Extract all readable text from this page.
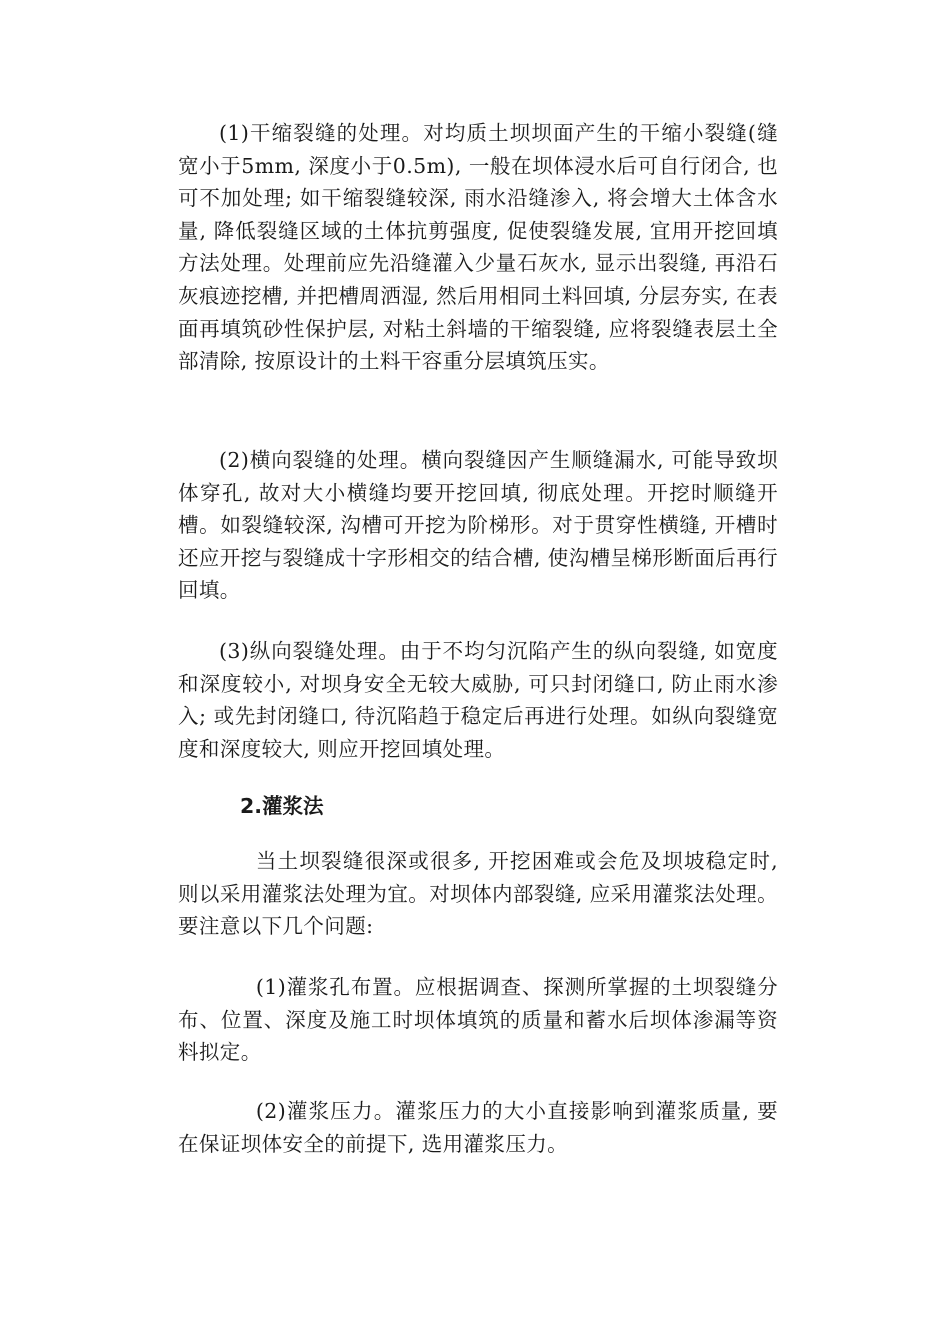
(1)干缩裂缝的处理。对均质土坝坝面产生的干缩小裂缝(缝宽小于5mm, 深度小于0.5m), 一般在坝体浸水后可自行闭合, 也可不加处理; 如干缩裂缝较深, 雨水沿缝渗入, 将会增大土体含水量, 降低裂缝区域的土体抗剪强度, 促使裂缝发展, 宜用开挖回填方法处理。处理前应先沿缝灌入少量石灰水, 显示出裂缝, 再沿石灰痕迹挖槽, 并把槽周洒湿, 然后用相同土料回填, 分层夯实, 在表面再填筑砂性保护层, 对粘土斜墙的干缩裂缝, 应将裂缝表层土全部清除, 按原设计的土料干容重分层填筑压实。

(2)横向裂缝的处理。横向裂缝因产生顺缝漏水, 可能导致坝体穿孔, 故对大小横缝均要开挖回填, 彻底处理。开挖时顺缝开槽。如裂缝较深, 沟槽可开挖为阶梯形。对于贯穿性横缝, 开槽时还应开挖与裂缝成十字形相交的结合槽, 使沟槽呈梯形断面后再行回填。

(3)纵向裂缝处理。由于不均匀沉陷产生的纵向裂缝, 如宽度和深度较小, 对坝身安全无较大威胁, 可只封闭缝口, 防止雨水渗入; 或先封闭缝口, 待沉陷趋于稳定后再进行处理。如纵向裂缝宽度和深度较大, 则应开挖回填处理。

2.灌浆法

当土坝裂缝很深或很多, 开挖困难或会危及坝坡稳定时, 则以采用灌浆法处理为宜。对坝体内部裂缝, 应采用灌浆法处理。要注意以下几个问题:

(1)灌浆孔布置。应根据调查、探测所掌握的土坝裂缝分布、位置、深度及施工时坝体填筑的质量和蓄水后坝体渗漏等资料拟定。

(2)灌浆压力。灌浆压力的大小直接影响到灌浆质量, 要在保证坝体安全的前提下, 选用灌浆压力。
